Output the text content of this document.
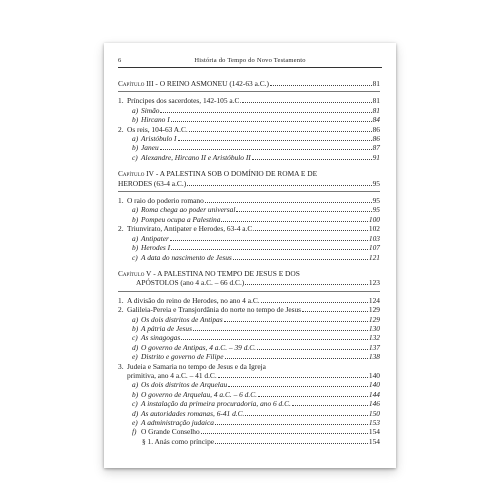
6	História do Tempo do Novo Testamento
Capítulo III - O REINO ASMONEU (142-63 a.C.)	81
1. Príncipes dos sacerdotes, 142-105 a.C.	81
a) Simão	81
b) Hircano I	84
2. Os reis, 104-63 A.C.	86
a) Aristóbulo I	86
b) Janeu	87
c) Alexandre, Hircano II e Aristóbulo II	91
Capítulo IV - A PALESTINA SOB O DOMÍNIO DE ROMA E DE
HERODES (63-4 a.C.)	95
1. O raio do poderio romano	95
a) Roma chega ao poder universal	95
b) Pompeu ocupa a Palestina	100
2. Triunvirato, Antipater e Herodes, 63-4 a.C.	102
a) Antipater	103
b) Herodes I	107
c) A data do nascimento de Jesus	121
Capítulo V - A PALESTINA NO TEMPO DE JESUS E DOS
APÓSTOLOS (ano 4 a.C. – 66 d.C.)	123
1. A divisão do reino de Herodes, no ano 4 a.C.	124
2. Galileia-Pereia e Transjordânia do norte no tempo de Jesus	129
a) Os dois distritos de Antipas	129
b) A pátria de Jesus	130
c) As sinagogas	132
d) O governo de Antipas, 4 a.C. – 39 d.C.	137
e) Distrito e governo de Filipe	138
3. Judeia e Samaria no tempo de Jesus e da Igreja
primitiva, ano 4 a.C. – 41 d.C.	140
a) Os dois distritos de Arquelau	140
b) O governo de Arquelau, 4 a.C. – 6 d.C.	144
c) A instalação da primeira procuradoria, ano 6 d.C.	146
d) As autoridades romanas, 6-41 d.C.	150
e) A administração judaica	153
f) O Grande Conselho	154
§ 1. Anás como príncipe	154
